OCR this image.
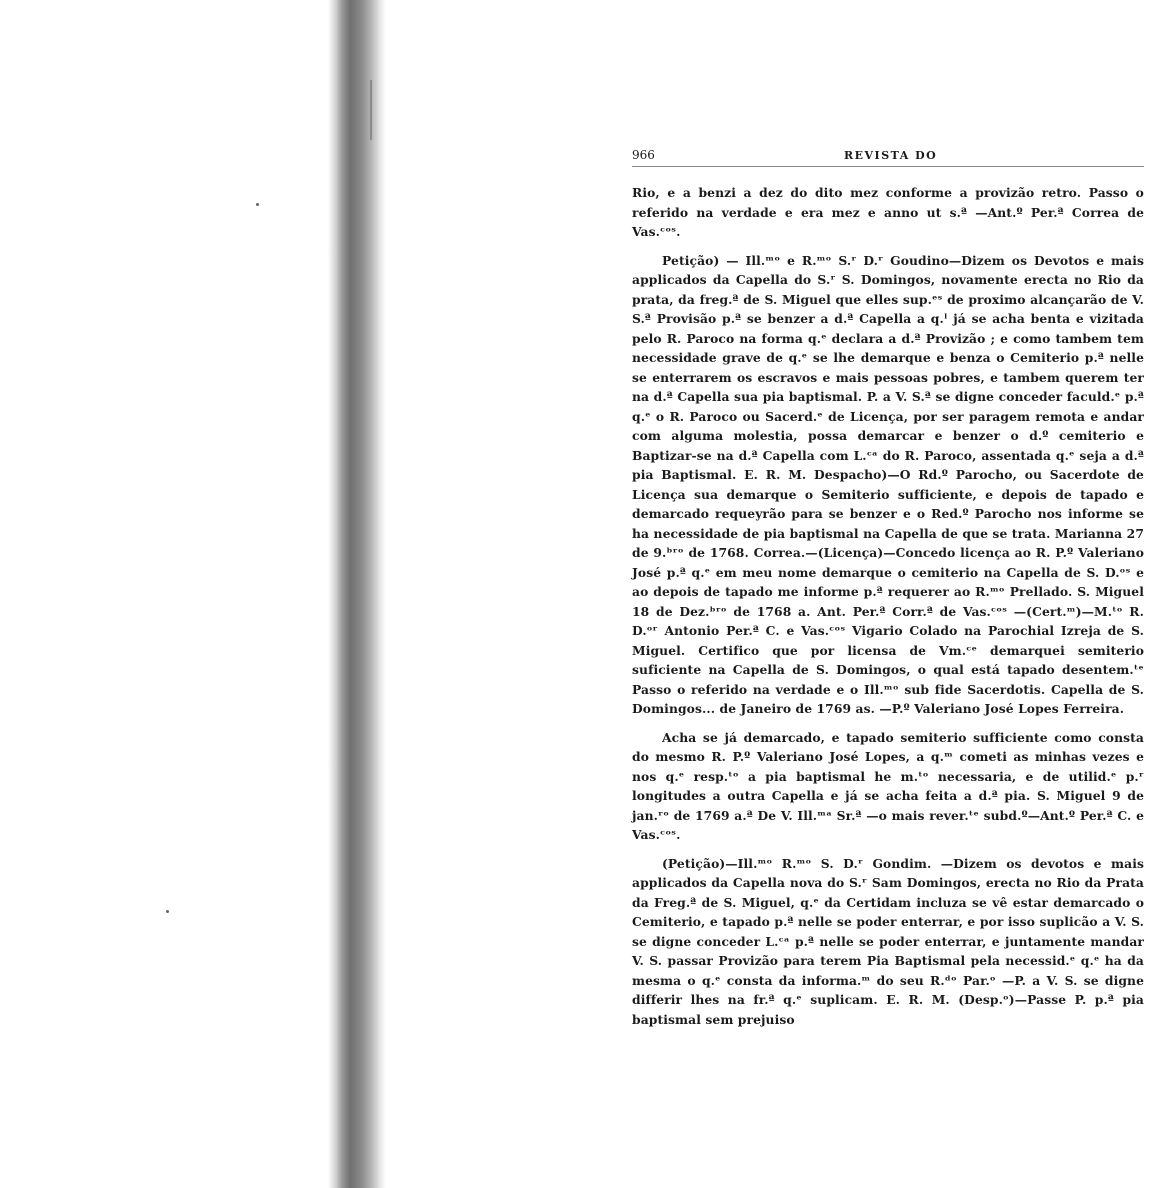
966	REVISTA DO

Rio, e a benzi a dez do dito mez conforme a provizão retro. Passo o referido na verdade e era mez e anno ut s.ª —Ant.º Per.ª Correa de Vas.ᶜᵒˢ.

Petição) — Ill.ᵐᵒ e R.ᵐᵒ S.ʳ D.ʳ Goudino—Dizem os Devotos e mais applicados da Capella do S.ʳ S. Domingos, novamente erecta no Rio da prata, da freg.ª de S. Miguel que elles sup.ᵉˢ de proximo alcançarão de V. S.ª Provisão p.ª se benzer a d.ª Capella a q.ˡ já se acha benta e vizitada pelo R. Paroco na forma q.ᵉ declara a d.ª Provizão ; e como tambem tem necessidade grave de q.ᵉ se lhe demarque e benza o Cemiterio p.ª nelle se enterrarem os escravos e mais pessoas pobres, e tambem querem ter na d.ª Capella sua pia baptismal. P. a V. S.ª se digne conceder faculd.ᵉ p.ª q.ᵉ o R. Paroco ou Sacerd.ᵉ de Licença, por ser paragem remota e andar com alguma molestia, possa demarcar e benzer o d.º cemiterio e Baptizar-se na d.ª Capella com L.ᶜᵃ do R. Paroco, assentada q.ᵉ seja a d.ª pia Baptismal. E. R. M. Despacho)—O Rd.º Parocho, ou Sacerdote de Licença sua demarque o Semiterio sufficiente, e depois de tapado e demarcado requeyrão para se benzer e o Red.º Parocho nos informe se ha necessidade de pia baptismal na Capella de que se trata. Marianna 27 de 9.ᵇʳᵒ de 1768. Correa.—(Licença)—Concedo licença ao R. P.º Valeriano José p.ª q.ᵉ em meu nome demarque o cemiterio na Capella de S. D.ᵒˢ e ao depois de tapado me informe p.ª requerer ao R.ᵐᵒ Prellado. S. Miguel 18 de Dez.ᵇʳᵒ de 1768 a. Ant. Per.ª Corr.ª de Vas.ᶜᵒˢ —(Cert.ᵐ)—M.ᵗᵒ R. D.ᵒʳ Antonio Per.ª C. e Vas.ᶜᵒˢ Vigario Colado na Parochial Izreja de S. Miguel. Certifico que por licensa de Vm.ᶜᵉ demarquei semiterio suficiente na Capella de S. Domingos, o qual está tapado desentem.ᵗᵉ Passo o referido na verdade e o Ill.ᵐᵒ sub fide Sacerdotis. Capella de S. Domingos... de Janeiro de 1769 as. —P.º Valeriano José Lopes Ferreira.

Acha se já demarcado, e tapado semiterio sufficiente como consta do mesmo R. P.º Valeriano José Lopes, a q.ᵐ cometi as minhas vezes e nos q.ᵉ resp.ᵗᵒ a pia baptismal he m.ᵗᵒ necessaria, e de utilid.ᵉ p.ʳ longitudes a outra Capella e já se acha feita a d.ª pia. S. Miguel 9 de jan.ʳᵒ de 1769 a.ª De V. Ill.ᵐᵃ Sr.ª —o mais rever.ᵗᵉ subd.º—Ant.º Per.ª C. e Vas.ᶜᵒˢ.

(Petição)—Ill.ᵐᵒ R.ᵐᵒ S. D.ʳ Gondim. —Dizem os devotos e mais applicados da Capella nova do S.ʳ Sam Domingos, erecta no Rio da Prata da Freg.ª de S. Miguel, q.ᵉ da Certidam incluza se vê estar demarcado o Cemiterio, e tapado p.ª nelle se poder enterrar, e por isso suplicão a V. S. se digne conceder L.ᶜᵃ p.ª nelle se poder enterrar, e juntamente mandar V. S. passar Provizão para terem Pia Baptismal pela necessid.ᵉ q.ᵉ ha da mesma o q.ᵉ consta da informa.ᵐ do seu R.ᵈᵒ Par.ᵒ —P. a V. S. se digne differir lhes na fr.ª q.ᵉ suplicam. E. R. M. (Desp.ᵒ)—Passe P. p.ª pia baptismal sem prejuiso
